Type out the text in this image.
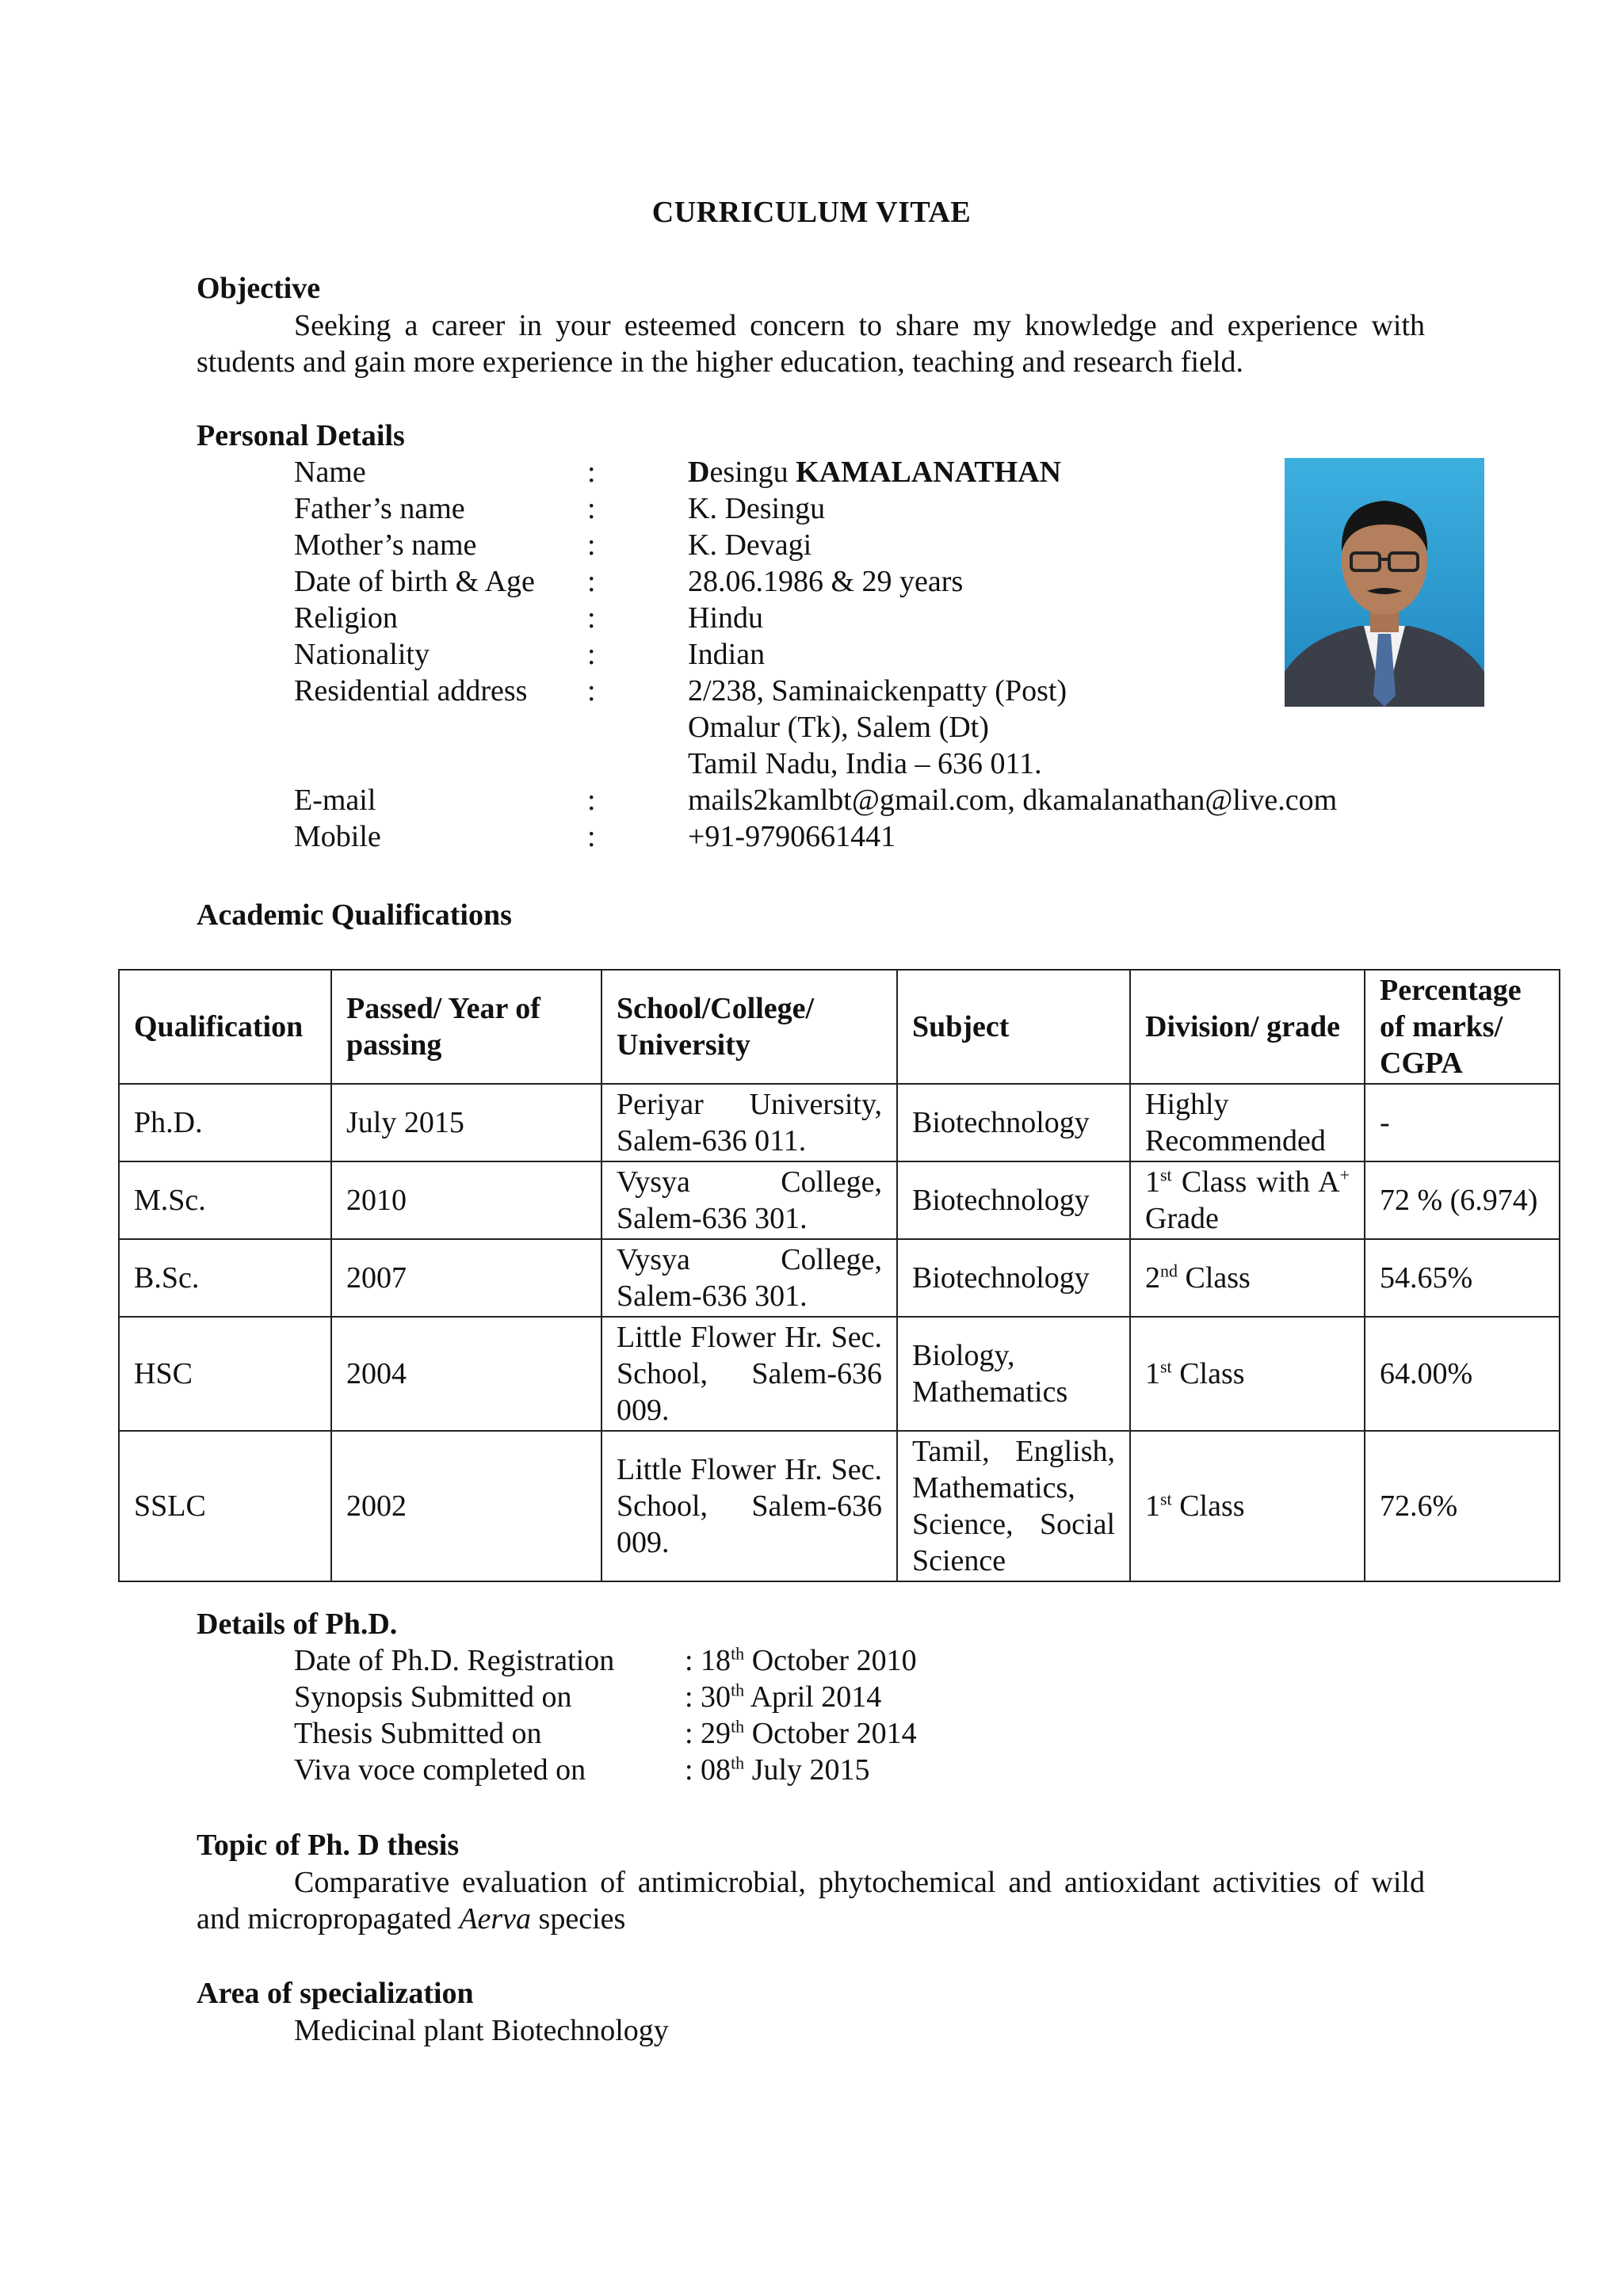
CURRICULUM VITAE
Objective
Seeking a career in your esteemed concern to share my knowledge and experience with students and gain more experience in the higher education, teaching and research field.
Personal Details
Name	:	Desingu KAMALANATHAN
Father’s name	:	K. Desingu
Mother’s name	:	K. Devagi
Date of birth & Age :	28.06.1986 & 29 years
Religion	:	Hindu
Nationality	:	Indian
Residential address :	2/238, Saminaickenpatty (Post)
Omalur (Tk), Salem (Dt)
Tamil Nadu, India – 636 011.
E-mail	:	mails2kamlbt@gmail.com, dkamalanathan@live.com
Mobile	:	+91-9790661441
Academic Qualifications
Qualification	Passed/ Year of passing	School/College/ University	Subject	Division/ grade	Percentage of marks/ CGPA
Ph.D.	July 2015	Periyar University, Salem-636 011.	Biotechnology	Highly Recommended	-
M.Sc.	2010	Vysya College, Salem-636 301.	Biotechnology	1st Class with A+ Grade	72 % (6.974)
B.Sc.	2007	Vysya College, Salem-636 301.	Biotechnology	2nd Class	54.65%
HSC	2004	Little Flower Hr. Sec. School, Salem-636 009.	Biology, Mathematics	1st Class	64.00%
SSLC	2002	Little Flower Hr. Sec. School, Salem-636 009.	Tamil, English, Mathematics, Science, Social Science	1st Class	72.6%
Details of Ph.D.
Date of Ph.D. Registration : 18th October 2010
Synopsis Submitted on	: 30th April 2014
Thesis Submitted on	: 29th October 2014
Viva voce completed on	: 08th July 2015
Topic of Ph. D thesis
Comparative evaluation of antimicrobial, phytochemical and antioxidant activities of wild and micropropagated Aerva species
Area of specialization
Medicinal plant Biotechnology
